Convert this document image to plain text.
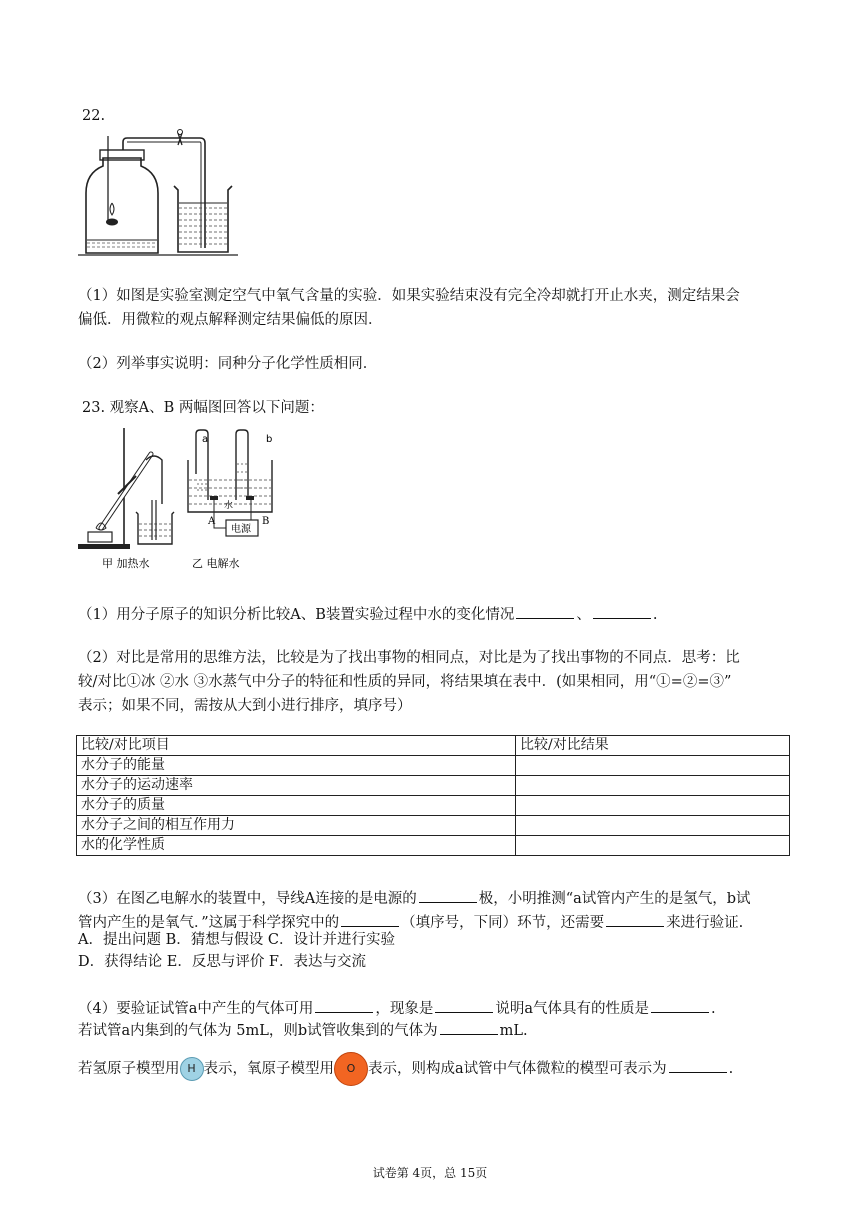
22.
（1）如图是实验室测定空气中氧气含量的实验．如果实验结束没有完全冷却就打开止水夹，测定结果会
偏低．用微粒的观点解释测定结果偏低的原因．
（2）列举事实说明：同种分子化学性质相同．
23. 观察A、B 两幅图回答以下问题：
甲 加热水
水
a	b
电源
A	B
乙 电解水
（1）用分子原子的知识分析比较A、B装置实验过程中水的变化情况	、	.
（2）对比是常用的思维方法，比较是为了找出事物的相同点，对比是为了找出事物的不同点．思考：比
较/对比①冰 ②水 ③水蒸气中分子的特征和性质的异同，将结果填在表中．(如果相同，用“①=②=③”
表示；如果不同，需按从大到小进行排序，填序号）
比较/对比项目	比较/对比结果
水分子的能量	
水分子的运动速率	
水分子的质量	
水分子之间的相互作用力	
水的化学性质	
（3）在图乙电解水的装置中，导线A连接的是电源的	极，小明推测“a试管内产生的是氢气，b试
管内产生的是氧气．”这属于科学探究中的	（填序号，下同）环节，还需要	来进行验证.
A．提出问题 B．猜想与假设 C．设计并进行实验
D．获得结论 E．反思与评价 F．表达与交流
（4）要验证试管a中产生的气体可用	，现象是	说明a气体具有的性质是	.
若试管a内集到的气体为 5mL，则b试管收集到的气体为	mL.
若氢原子模型用 H 表示，氧原子模型用 O 表示，则构成a试管中气体微粒的模型可表示为	.
试卷第 4页，总 15页
